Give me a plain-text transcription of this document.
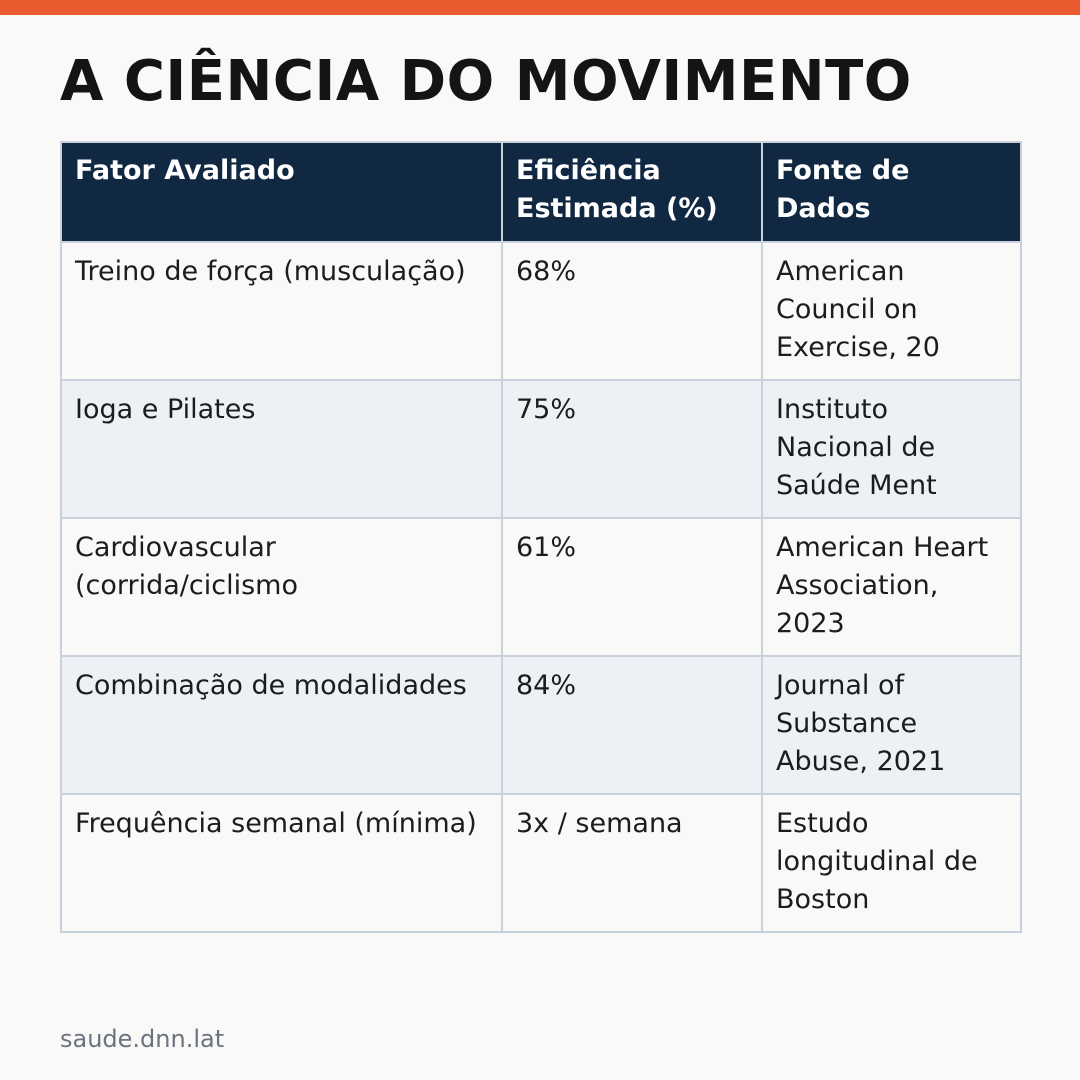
A CIÊNCIA DO MOVIMENTO
Fator Avaliado	Eficiência Estimada (%)	Fonte de Dados
Treino de força (musculação)	68%	American Council on Exercise, 20
Ioga e Pilates	75%	Instituto Nacional de Saúde Ment
Cardiovascular (corrida/ciclismo	61%	American Heart Association, 2023
Combinação de modalidades	84%	Journal of Substance Abuse, 2021
Frequência semanal (mínima)	3x / semana	Estudo longitudinal de Boston
saude.dnn.lat
